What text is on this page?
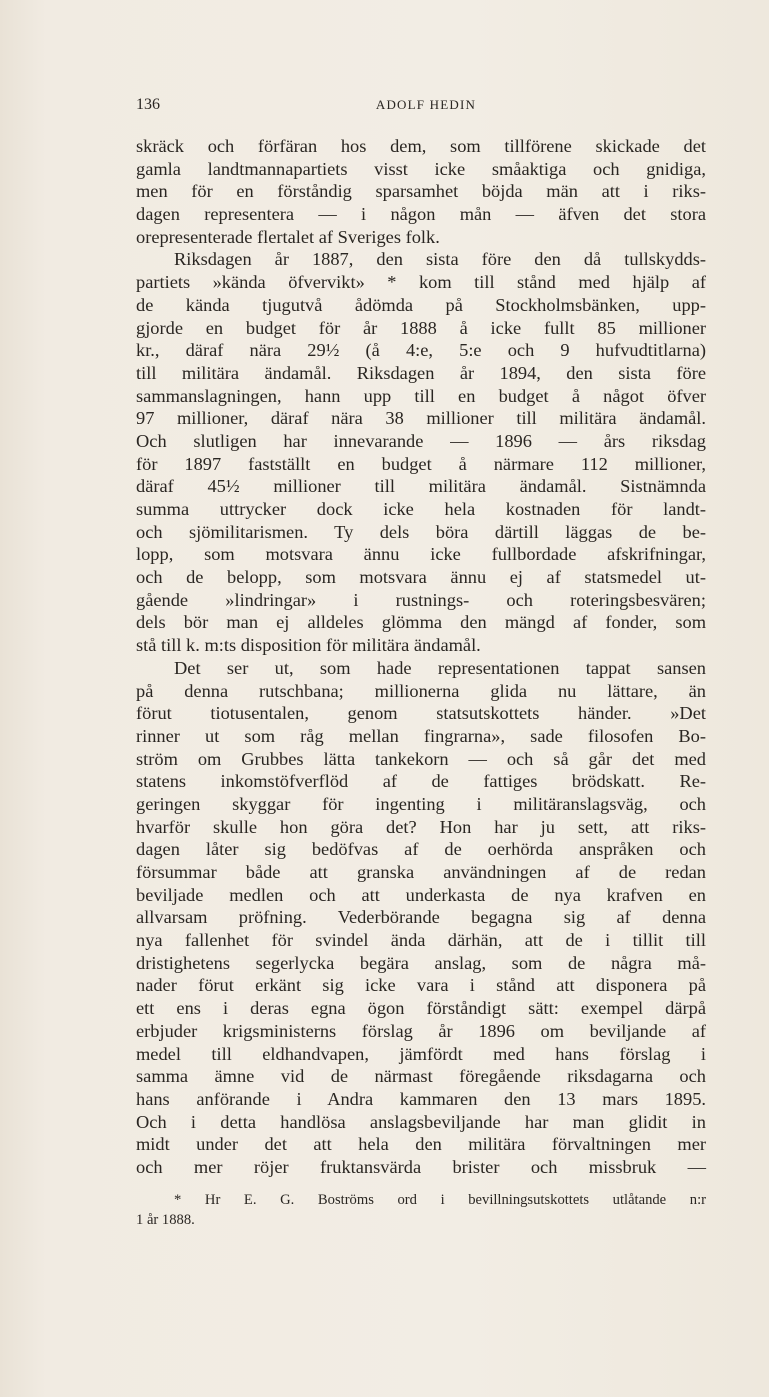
136	ADOLF HEDIN
skräck och förfäran hos dem, som tillförene skickade det
gamla landtmannapartiets visst icke småaktiga och gnidiga,
men för en förståndig sparsamhet böjda män att i riks-
dagen representera — i någon mån — äfven det stora
orepresenterade flertalet af Sveriges folk.
Riksdagen år 1887, den sista före den då tullskydds-
partiets »kända öfvervikt» * kom till stånd med hjälp af
de kända tjugutvå ådömda på Stockholmsbänken, upp-
gjorde en budget för år 1888 å icke fullt 85 millioner
kr., däraf nära 29½ (å 4:e, 5:e och 9 hufvudtitlarna)
till militära ändamål. Riksdagen år 1894, den sista före
sammanslagningen, hann upp till en budget å något öfver
97 millioner, däraf nära 38 millioner till militära ändamål.
Och slutligen har innevarande — 1896 — års riksdag
för 1897 fastställt en budget å närmare 112 millioner,
däraf 45½ millioner till militära ändamål. Sistnämnda
summa uttrycker dock icke hela kostnaden för landt-
och sjömilitarismen. Ty dels böra därtill läggas de be-
lopp, som motsvara ännu icke fullbordade afskrifningar,
och de belopp, som motsvara ännu ej af statsmedel ut-
gående »lindringar» i rustnings- och roteringsbesvären;
dels bör man ej alldeles glömma den mängd af fonder, som
stå till k. m:ts disposition för militära ändamål.
Det ser ut, som hade representationen tappat sansen
på denna rutschbana; millionerna glida nu lättare, än
förut tiotusentalen, genom statsutskottets händer. »Det
rinner ut som råg mellan fingrarna», sade filosofen Bo-
ström om Grubbes lätta tankekorn — och så går det med
statens inkomstöfverflöd af de fattiges brödskatt. Re-
geringen skyggar för ingenting i militäranslagsväg, och
hvarför skulle hon göra det? Hon har ju sett, att riks-
dagen låter sig bedöfvas af de oerhörda anspråken och
försummar både att granska användningen af de redan
beviljade medlen och att underkasta de nya krafven en
allvarsam pröfning. Vederbörande begagna sig af denna
nya fallenhet för svindel ända därhän, att de i tillit till
dristighetens segerlycka begära anslag, som de några må-
nader förut erkänt sig icke vara i stånd att disponera på
ett ens i deras egna ögon förståndigt sätt: exempel därpå
erbjuder krigsministerns förslag år 1896 om beviljande af
medel till eldhandvapen, jämfördt med hans förslag i
samma ämne vid de närmast föregående riksdagarna och
hans anförande i Andra kammaren den 13 mars 1895.
Och i detta handlösa anslagsbeviljande har man glidit in
midt under det att hela den militära förvaltningen mer
och mer röjer fruktansvärda brister och missbruk —
* Hr E. G. Boströms ord i bevillningsutskottets utlåtande n:r
1 år 1888.
